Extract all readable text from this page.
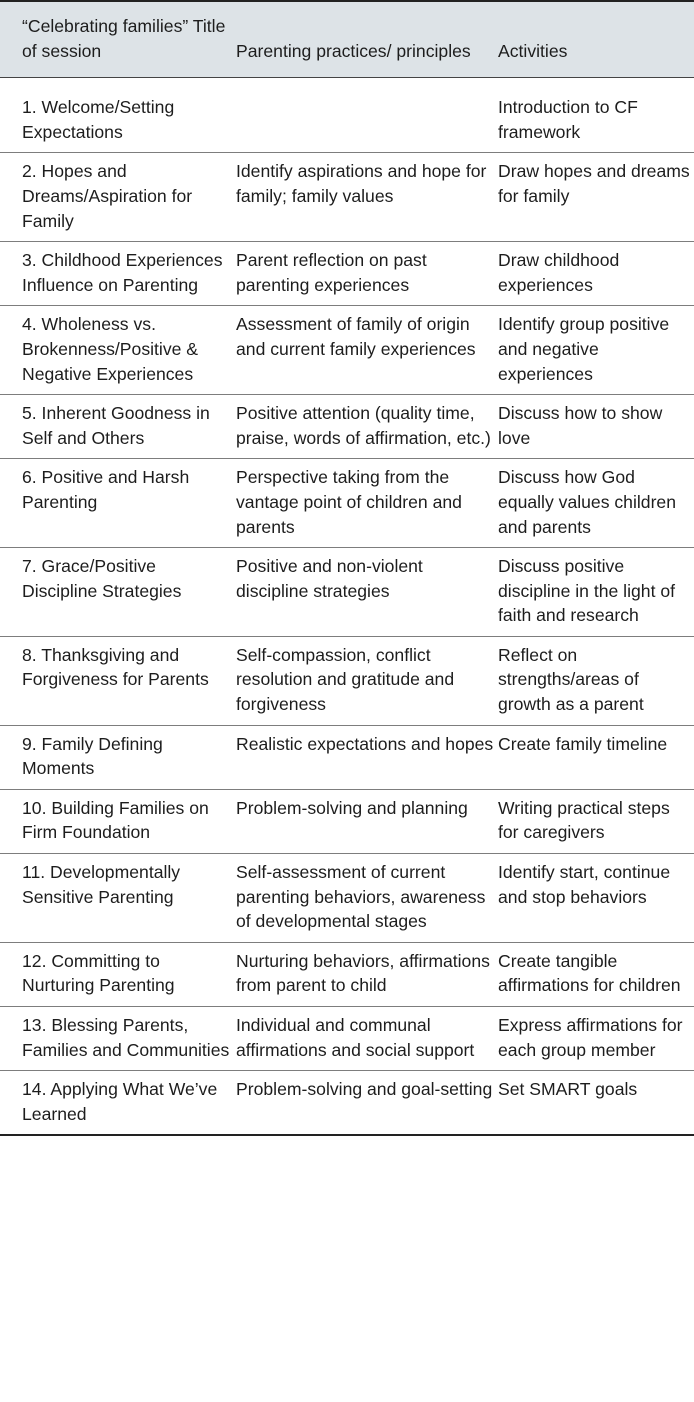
“Celebrating families” Title of session	Parenting practices/ principles	Activities
1. Welcome/Setting Expectations		Introduction to CF framework
2. Hopes and Dreams/Aspiration for Family	Identify aspirations and hope for family; family values	Draw hopes and dreams for family
3. Childhood Experiences Influence on Parenting	Parent reflection on past parenting experiences	Draw childhood experiences
4. Wholeness vs. Brokenness/Positive & Negative Experiences	Assessment of family of origin and current family experiences	Identify group positive and negative experiences
5. Inherent Goodness in Self and Others	Positive attention (quality time, praise, words of affirmation, etc.)	Discuss how to show love
6. Positive and Harsh Parenting	Perspective taking from the vantage point of children and parents	Discuss how God equally values children and parents
7. Grace/Positive Discipline Strategies	Positive and non-violent discipline strategies	Discuss positive discipline in the light of faith and research
8. Thanksgiving and Forgiveness for Parents	Self-compassion, conflict resolution and gratitude and forgiveness	Reflect on strengths/areas of growth as a parent
9. Family Defining Moments	Realistic expectations and hopes	Create family timeline
10. Building Families on Firm Foundation	Problem-solving and planning	Writing practical steps for caregivers
11. Developmentally Sensitive Parenting	Self-assessment of current parenting behaviors, awareness of developmental stages	Identify start, continue and stop behaviors
12. Committing to Nurturing Parenting	Nurturing behaviors, affirmations from parent to child	Create tangible affirmations for children
13. Blessing Parents, Families and Communities	Individual and communal affirmations and social support	Express affirmations for each group member
14. Applying What We’ve Learned	Problem-solving and goal-setting	Set SMART goals
